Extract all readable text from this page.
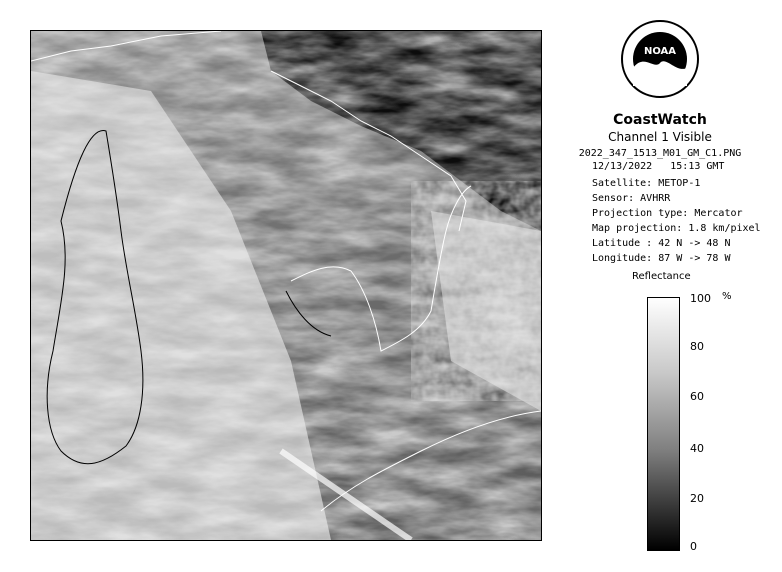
NOAA
CoastWatch
Channel 1 Visible
2022_347_1513_M01_GM_C1.PNG
12/13/2022   15:13 GMT
Satellite: METOP-1
Sensor: AVHRR
Projection type: Mercator
Map projection: 1.8 km/pixel
Latitude : 42 N -> 48 N
Longitude: 87 W -> 78 W
Reflectance
%
100
80
60
40
20
0
